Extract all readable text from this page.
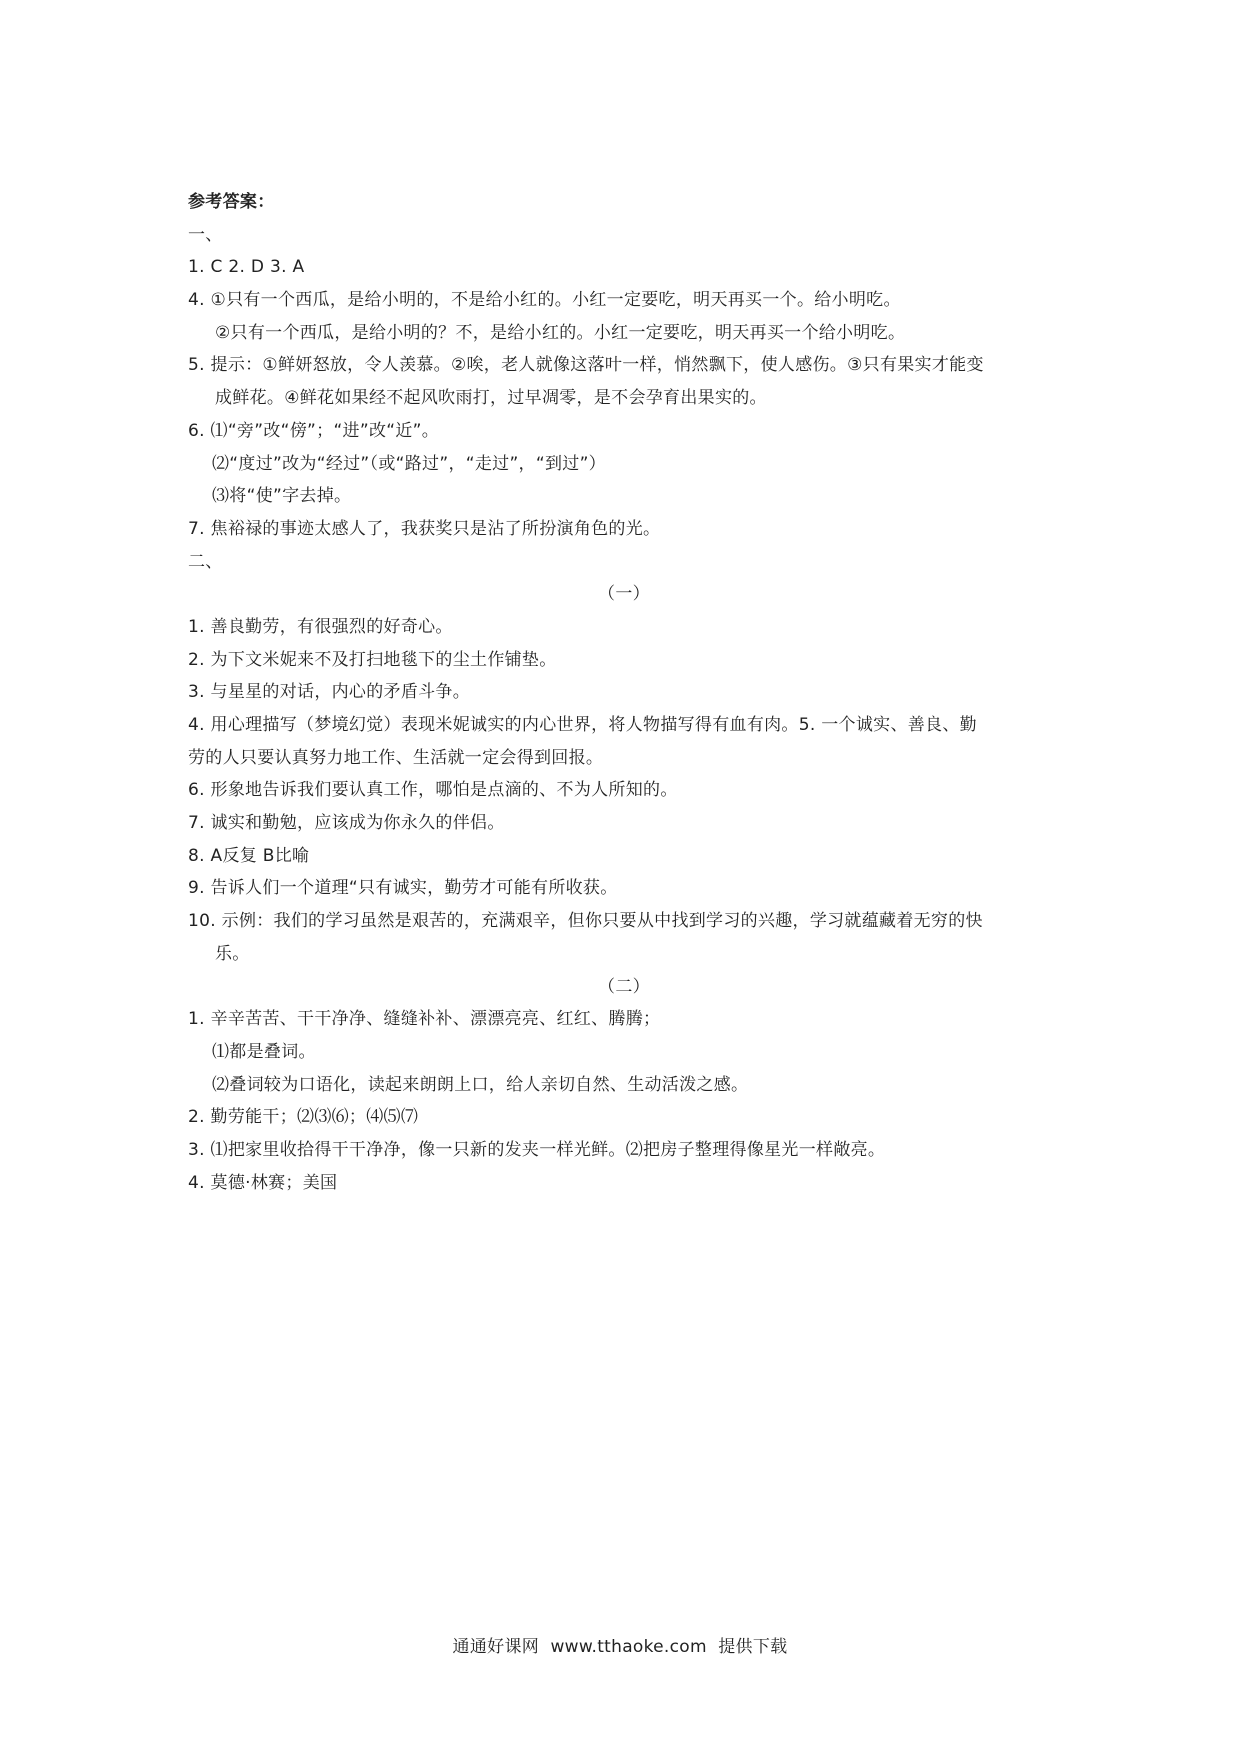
参考答案：
一、
1. C 2. D 3. A
4. ①只有一个西瓜，是给小明的，不是给小红的。小红一定要吃，明天再买一个。给小明吃。
②只有一个西瓜，是给小明的？不，是给小红的。小红一定要吃，明天再买一个给小明吃。
5. 提示：①鲜妍怒放，令人羡慕。②唉，老人就像这落叶一样，悄然飘下，使人感伤。③只有果实才能变
成鲜花。④鲜花如果经不起风吹雨打，过早凋零，是不会孕育出果实的。
6. ⑴“旁”改“傍”；“进”改“近”。
⑵“度过”改为“经过”（或“路过”，“走过”，“到过”）
⑶将“使”字去掉。
7. 焦裕禄的事迹太感人了，我获奖只是沾了所扮演角色的光。
二、
（一）
1. 善良勤劳，有很强烈的好奇心。
2. 为下文米妮来不及打扫地毯下的尘土作铺垫。
3. 与星星的对话，内心的矛盾斗争。
4. 用心理描写（梦境幻觉）表现米妮诚实的内心世界，将人物描写得有血有肉。5. 一个诚实、善良、勤
劳的人只要认真努力地工作、生活就一定会得到回报。
6. 形象地告诉我们要认真工作，哪怕是点滴的、不为人所知的。
7. 诚实和勤勉，应该成为你永久的伴侣。
8. A反复 B比喻
9. 告诉人们一个道理“只有诚实，勤劳才可能有所收获。
10. 示例：我们的学习虽然是艰苦的，充满艰辛，但你只要从中找到学习的兴趣，学习就蕴藏着无穷的快
乐。
（二）
1. 辛辛苦苦、干干净净、缝缝补补、漂漂亮亮、红红、腾腾；
⑴都是叠词。
⑵叠词较为口语化，读起来朗朗上口，给人亲切自然、生动活泼之感。
2. 勤劳能干；⑵⑶⑹；⑷⑸⑺
3. ⑴把家里收拾得干干净净，像一只新的发夹一样光鲜。⑵把房子整理得像星光一样敞亮。
4. 莫德·林赛；美国
通通好课网  www.tthaoke.com  提供下载
